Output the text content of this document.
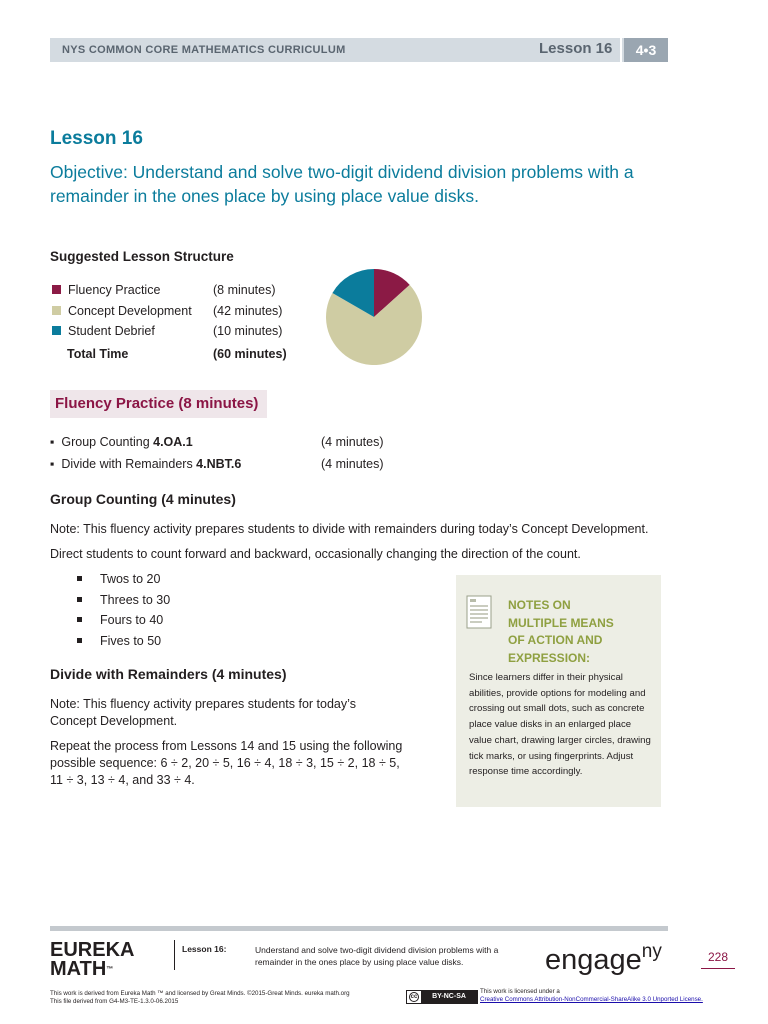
NYS COMMON CORE MATHEMATICS CURRICULUM	Lesson 16	4•3
Lesson 16
Objective: Understand and solve two-digit dividend division problems with a remainder in the ones place by using place value disks.
Suggested Lesson Structure
Fluency Practice	(8 minutes)
Concept Development (42 minutes)
Student Debrief	(10 minutes)
Total Time	(60 minutes)
Fluency Practice (8 minutes)
▪  Group Counting 4.OA.1	(4 minutes)
▪  Divide with Remainders 4.NBT.6	(4 minutes)
Group Counting (4 minutes)
Note: This fluency activity prepares students to divide with remainders during today’s Concept Development.
Direct students to count forward and backward, occasionally changing the direction of the count.
Twos to 20
Threes to 30
Fours to 40
Fives to 50
Divide with Remainders (4 minutes)
Note: This fluency activity prepares students for today’s
Concept Development.
Repeat the process from Lessons 14 and 15 using the following
possible sequence: 6 ÷ 2, 20 ÷ 5, 16 ÷ 4, 18 ÷ 3, 15 ÷ 2, 18 ÷ 5,
11 ÷ 3, 13 ÷ 4, and 33 ÷ 4.
NOTES ON
MULTIPLE MEANS
OF ACTION AND
EXPRESSION:
Since learners differ in their physical abilities, provide options for modeling and crossing out small dots, such as concrete place value disks in an enlarged place value chart, drawing larger circles, drawing tick marks, or using fingerprints. Adjust response time accordingly.
EUREKA
MATH™
Lesson 16:	Understand and solve two-digit dividend division problems with a remainder in the ones place by using place value disks.	engage$^{ny}$	228
This work is derived from Eureka Math ™ and licensed by Great Minds. ©2015-Great Minds. eureka math.org
This file derived from G4-M3-TE-1.3.0-06.2015
cc	BY-NC-SA
This work is licensed under a
Creative Commons Attribution-NonCommercial-ShareAlike 3.0 Unported License.
